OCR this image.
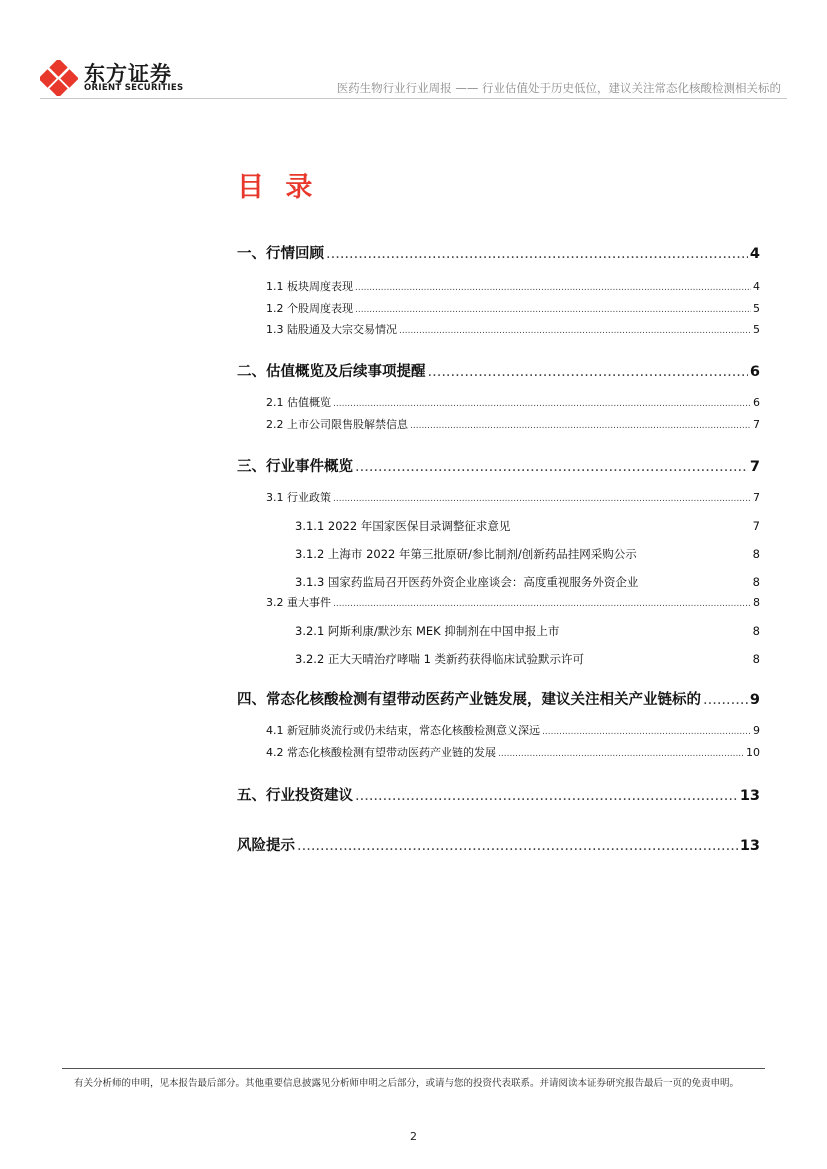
东方证券
ORIENT SECURITIES	医药生物行业行业周报 —— 行业估值处于历史低位，建议关注常态化核酸检测相关标的
目 录
一、行情回顾 .....	4
1.1 板块周度表现 .....	4
1.2 个股周度表现 .....	5
1.3 陆股通及大宗交易情况 .....	5
二、估值概览及后续事项提醒 .....	6
2.1 估值概览 .....	6
2.2 上市公司限售股解禁信息 .....	7
三、行业事件概览 .....	7
3.1 行业政策 .....	7
3.1.1 2022 年国家医保目录调整征求意见	7
3.1.2 上海市 2022 年第三批原研/参比制剂/创新药品挂网采购公示	8
3.1.3 国家药监局召开医药外资企业座谈会：高度重视服务外资企业	8
3.2 重大事件 .....	8
3.2.1 阿斯利康/默沙东 MEK 抑制剂在中国申报上市	8
3.2.2 正大天晴治疗哮喘 1 类新药获得临床试验默示许可	8
四、常态化核酸检测有望带动医药产业链发展，建议关注相关产业链标的 .....	9
4.1 新冠肺炎流行或仍未结束，常态化核酸检测意义深远 .....	9
4.2 常态化核酸检测有望带动医药产业链的发展 .....	10
五、行业投资建议 .....	13
风险提示 .....	13
有关分析师的申明，见本报告最后部分。其他重要信息披露见分析师申明之后部分，或请与您的投资代表联系。并请阅读本证券研究报告最后一页的免责申明。
2
